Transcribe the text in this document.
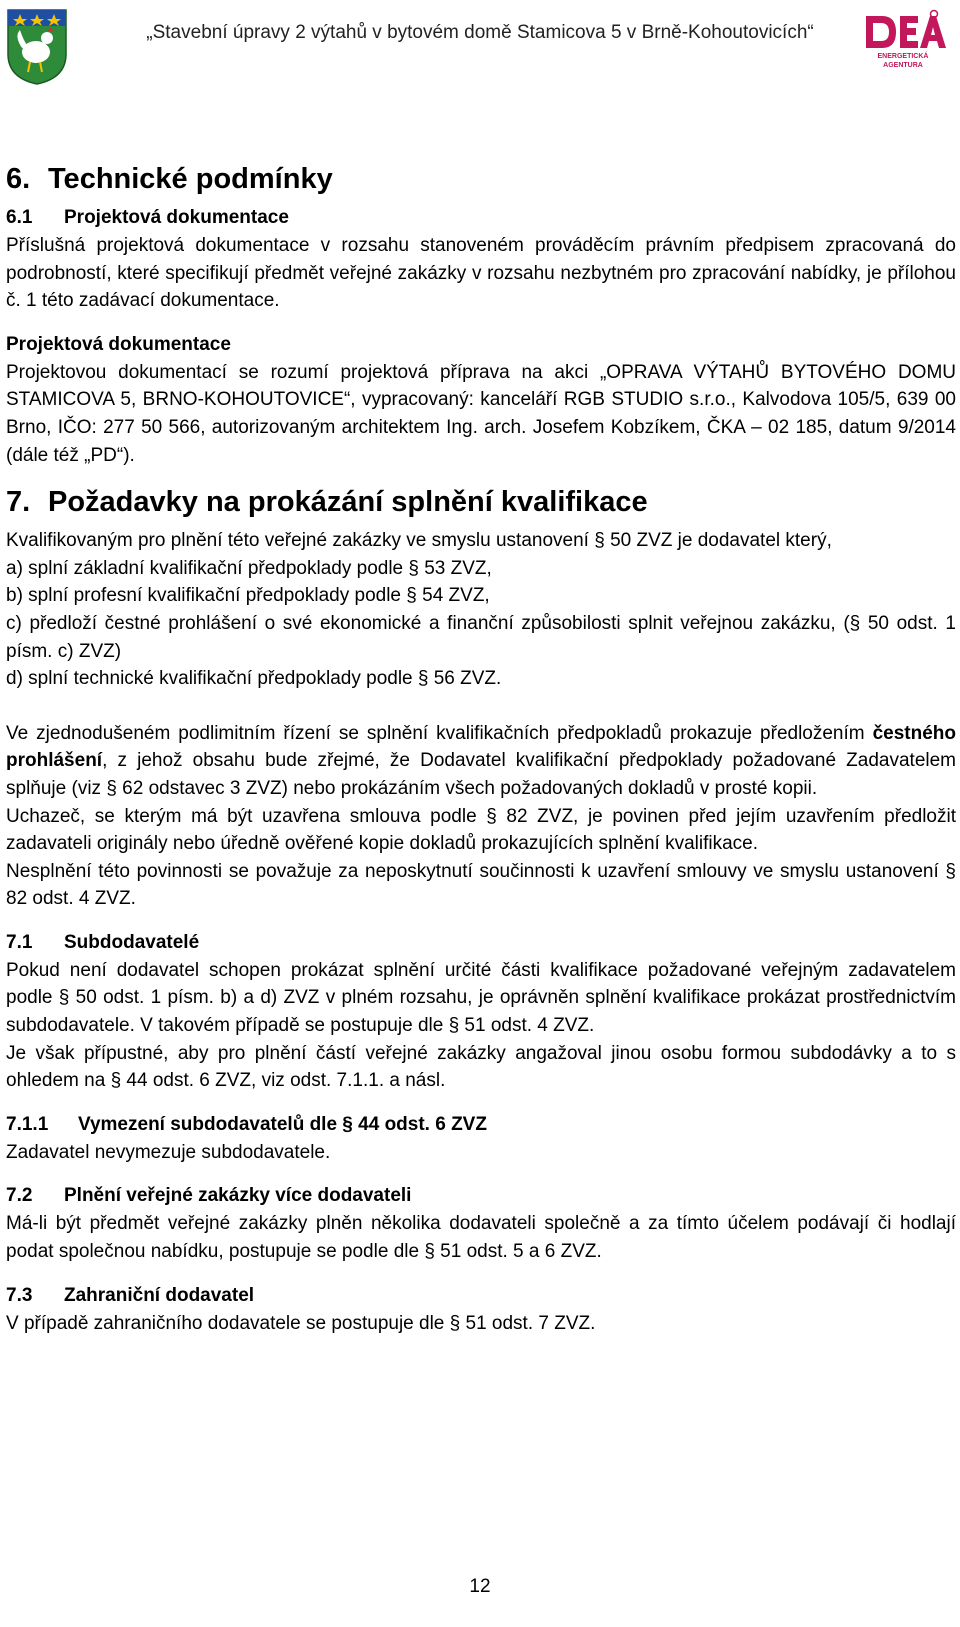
„Stavební úpravy 2 výtahů v bytovém domě Stamicova 5 v Brně-Kohoutovicích“
ENERGETICKÁ
AGENTURA
6. Technické podmínky
6.1 Projektová dokumentace

Příslušná projektová dokumentace v rozsahu stanoveném prováděcím právním předpisem zpracovaná do podrobností, které specifikují předmět veřejné zakázky v rozsahu nezbytném pro zpracování nabídky, je přílohou č. 1 této zadávací dokumentace.

Projektová dokumentace

Projektovou dokumentací se rozumí projektová příprava na akci „OPRAVA VÝTAHŮ BYTOVÉHO DOMU STAMICOVA 5, BRNO-KOHOUTOVICE“, vypracovaný: kanceláří RGB STUDIO s.r.o., Kalvodova 105/5, 639 00 Brno, IČO: 277 50 566, autorizovaným architektem Ing. arch. Josefem Kobzíkem, ČKA – 02 185, datum 9/2014 (dále též „PD“).

7. Požadavky na prokázání splnění kvalifikace

Kvalifikovaným pro plnění této veřejné zakázky ve smyslu ustanovení § 50 ZVZ je dodavatel který,

a) splní základní kvalifikační předpoklady podle § 53 ZVZ,

b) splní profesní kvalifikační předpoklady podle § 54 ZVZ,

c) předloží čestné prohlášení o své ekonomické a finanční způsobilosti splnit veřejnou zakázku, (§ 50 odst. 1 písm. c) ZVZ)

d) splní technické kvalifikační předpoklady podle § 56 ZVZ.

Ve zjednodušeném podlimitním řízení se splnění kvalifikačních předpokladů prokazuje předložením čestného prohlášení, z jehož obsahu bude zřejmé, že Dodavatel kvalifikační předpoklady požadované Zadavatelem splňuje (viz § 62 odstavec 3 ZVZ) nebo prokázáním všech požadovaných dokladů v prosté kopii.

Uchazeč, se kterým má být uzavřena smlouva podle § 82 ZVZ, je povinen před jejím uzavřením předložit zadavateli originály nebo úředně ověřené kopie dokladů prokazujících splnění kvalifikace.

Nesplnění této povinnosti se považuje za neposkytnutí součinnosti k uzavření smlouvy ve smyslu ustanovení § 82 odst. 4 ZVZ.

7.1 Subdodavatelé

Pokud není dodavatel schopen prokázat splnění určité části kvalifikace požadované veřejným zadavatelem podle § 50 odst. 1 písm. b) a d) ZVZ v plném rozsahu, je oprávněn splnění kvalifikace prokázat prostřednictvím subdodavatele. V takovém případě se postupuje dle § 51 odst. 4 ZVZ.

Je však přípustné, aby pro plnění částí veřejné zakázky angažoval jinou osobu formou subdodávky a to s ohledem na § 44 odst. 6 ZVZ, viz odst. 7.1.1. a násl.

7.1.1 Vymezení subdodavatelů dle § 44 odst. 6 ZVZ

Zadavatel nevymezuje subdodavatele.

7.2 Plnění veřejné zakázky více dodavateli

Má-li být předmět veřejné zakázky plněn několika dodavateli společně a za tímto účelem podávají či hodlají podat společnou nabídku, postupuje se podle dle § 51 odst. 5 a 6 ZVZ.

7.3 Zahraniční dodavatel

V případě zahraničního dodavatele se postupuje dle § 51 odst. 7 ZVZ.

12
